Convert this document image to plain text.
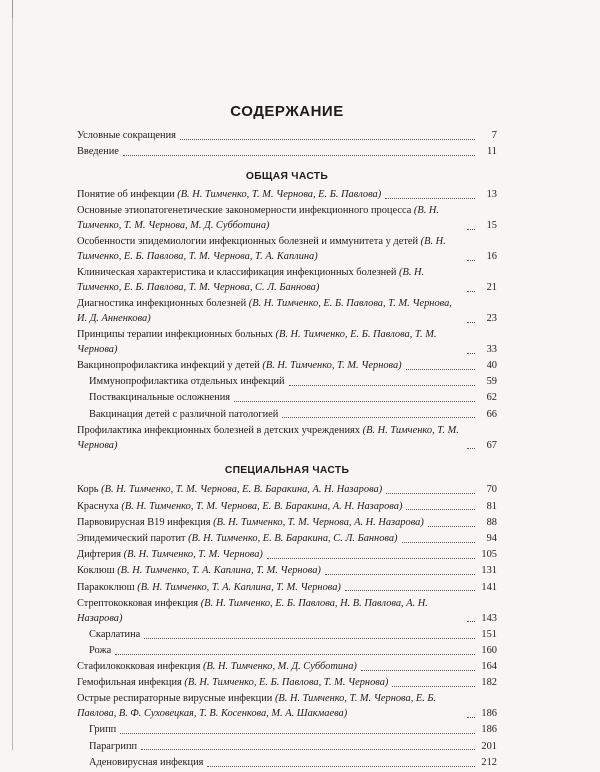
СОДЕРЖАНИЕ
Условные сокращения	7
Введение	11
ОБЩАЯ ЧАСТЬ
Понятие об инфекции (В. Н. Тимченко, Т. М. Чернова, Е. Б. Павлова)	13
Основные этиопатогенетические закономерности инфекционного процесса (В. Н. Тимченко, Т. М. Чернова, М. Д. Субботина)	15
Особенности эпидемиологии инфекционных болезней и иммунитета у детей (В. Н. Тимченко, Е. Б. Павлова, Т. М. Чернова, Т. А. Каплина)	16
Клиническая характеристика и классификация инфекционных болезней (В. Н. Тимченко, Е. Б. Павлова, Т. М. Чернова, С. Л. Баннова)	21
Диагностика инфекционных болезней (В. Н. Тимченко, Е. Б. Павлова, Т. М. Чернова, И. Д. Анненкова)	23
Принципы терапии инфекционных больных (В. Н. Тимченко, Е. Б. Павлова, Т. М. Чернова)	33
Вакцинопрофилактика инфекций у детей (В. Н. Тимченко, Т. М. Чернова)	40
Иммунопрофилактика отдельных инфекций	59
Поствакцинальные осложнения	62
Вакцинация детей с различной патологией	66
Профилактика инфекционных болезней в детских учреждениях (В. Н. Тимченко, Т. М. Чернова)	67
СПЕЦИАЛЬНАЯ ЧАСТЬ
Корь (В. Н. Тимченко, Т. М. Чернова, Е. В. Баракина, А. Н. Назарова)	70
Краснуха (В. Н. Тимченко, Т. М. Чернова, Е. В. Баракина, А. Н. Назарова)	81
Парвовирусная В19 инфекция (В. Н. Тимченко, Т. М. Чернова, А. Н. Назарова)	88
Эпидемический паротит (В. Н. Тимченко, Е. В. Баракина, С. Л. Баннова)	94
Дифтерия (В. Н. Тимченко, Т. М. Чернова)	105
Коклюш (В. Н. Тимченко, Т. А. Каплина, Т. М. Чернова)	131
Паракоклюш (В. Н. Тимченко, Т. А. Каплина, Т. М. Чернова)	141
Стрептококковая инфекция (В. Н. Тимченко, Е. Б. Павлова, Н. В. Павлова, А. Н. Назарова)	143
Скарлатина	151
Рожа	160
Стафилококковая инфекция (В. Н. Тимченко, М. Д. Субботина)	164
Гемофильная инфекция (В. Н. Тимченко, Е. Б. Павлова, Т. М. Чернова)	182
Острые респираторные вирусные инфекции (В. Н. Тимченко, Т. М. Чернова, Е. Б. Павлова, В. Ф. Суховецкая, Т. В. Косенкова, М. А. Шакмаева)	186
Грипп	186
Парагрипп	201
Аденовирусная инфекция	212
